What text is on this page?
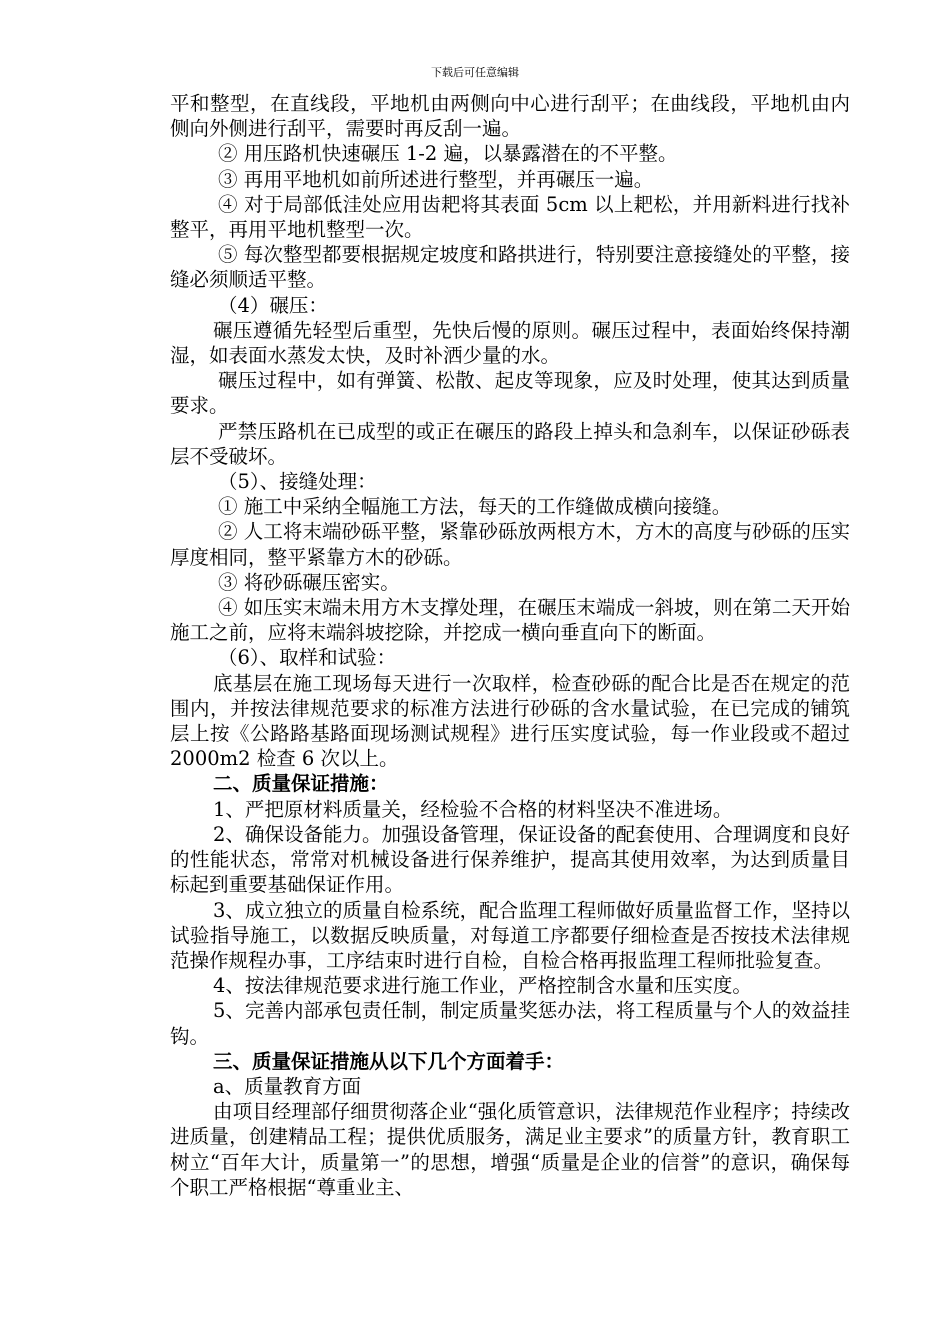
下载后可任意编辑

平和整型，在直线段，平地机由两侧向中心进行刮平；在曲线段，平地机由内侧向外侧进行刮平，需要时再反刮一遍。

② 用压路机快速碾压 1-2 遍，以暴露潜在的不平整。

③ 再用平地机如前所述进行整型，并再碾压一遍。

④ 对于局部低洼处应用齿耙将其表面 5cm 以上耙松，并用新料进行找补整平，再用平地机整型一次。

⑤ 每次整型都要根据规定坡度和路拱进行，特别要注意接缝处的平整，接缝必须顺适平整。

（4）碾压：

碾压遵循先轻型后重型，先快后慢的原则。碾压过程中，表面始终保持潮湿，如表面水蒸发太快，及时补洒少量的水。

碾压过程中，如有弹簧、松散、起皮等现象，应及时处理，使其达到质量要求。

严禁压路机在已成型的或正在碾压的路段上掉头和急刹车，以保证砂砾表层不受破坏。

（5）、接缝处理：

① 施工中采纳全幅施工方法，每天的工作缝做成横向接缝。

② 人工将末端砂砾平整，紧靠砂砾放两根方木，方木的高度与砂砾的压实厚度相同，整平紧靠方木的砂砾。

③ 将砂砾碾压密实。

④ 如压实末端未用方木支撑处理，在碾压末端成一斜坡，则在第二天开始施工之前，应将末端斜坡挖除，并挖成一横向垂直向下的断面。

（6）、取样和试验：

底基层在施工现场每天进行一次取样，检查砂砾的配合比是否在规定的范围内，并按法律规范要求的标准方法进行砂砾的含水量试验，在已完成的铺筑层上按《公路路基路面现场测试规程》进行压实度试验，每一作业段或不超过 2000m2 检查 6 次以上。

二、质量保证措施：

1、严把原材料质量关，经检验不合格的材料坚决不准进场。

2、确保设备能力。加强设备管理，保证设备的配套使用、合理调度和良好的性能状态，常常对机械设备进行保养维护，提高其使用效率，为达到质量目标起到重要基础保证作用。

3、成立独立的质量自检系统，配合监理工程师做好质量监督工作，坚持以试验指导施工，以数据反映质量，对每道工序都要仔细检查是否按技术法律规范操作规程办事，工序结束时进行自检，自检合格再报监理工程师批验复查。

4、按法律规范要求进行施工作业，严格控制含水量和压实度。

5、完善内部承包责任制，制定质量奖惩办法，将工程质量与个人的效益挂钩。

三、质量保证措施从以下几个方面着手：

a、质量教育方面

由项目经理部仔细贯彻落企业“强化质管意识，法律规范作业程序；持续改进质量，创建精品工程；提供优质服务，满足业主要求”的质量方针，教育职工树立“百年大计，质量第一”的思想，增强“质量是企业的信誉”的意识，确保每个职工严格根据“尊重业主、
